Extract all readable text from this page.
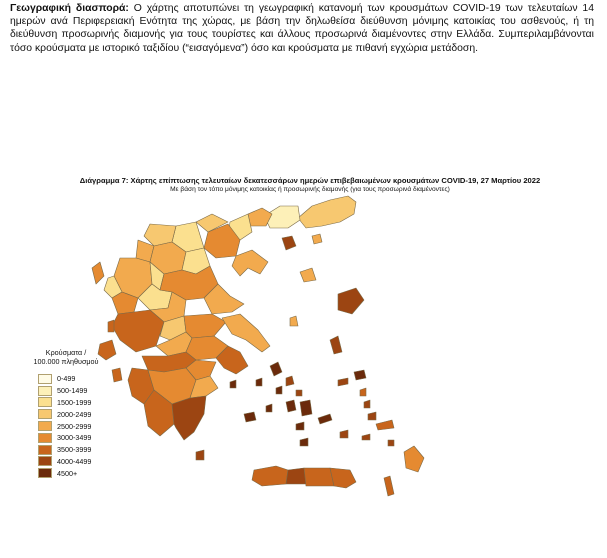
Γεωγραφική διασπορά: Ο χάρτης αποτυπώνει τη γεωγραφική κατανομή των κρουσμάτων COVID-19 των τελευταίων 14 ημερών ανά Περιφερειακή Ενότητα της χώρας, με βάση την δηλωθείσα διεύθυνση μόνιμης κατοικίας του ασθενούς, ή τη διεύθυνση προσωρινής διαμονής για τους τουρίστες και άλλους προσωρινά διαμένοντες στην Ελλάδα. Συμπεριλαμβάνονται τόσο κρούσματα με ιστορικό ταξιδίου (“εισαγόμενα”) όσο και κρούσματα με πιθανή εγχώρια μετάδοση.
Διάγραμμα 7: Χάρτης επίπτωσης τελευταίων δεκατεσσάρων ημερών επιβεβαιωμένων κρουσμάτων COVID-19, 27 Μαρτίου 2022
Με βάση τον τόπο μόνιμης κατοικίας ή προσωρινής διαμονής (για τους προσωρινά διαμένοντες)
Κρούσματα /
100.000 πληθυσμού
0-499
500-1499
1500-1999
2000-2499
2500-2999
3000-3499
3500-3999
4000-4499
4500+
